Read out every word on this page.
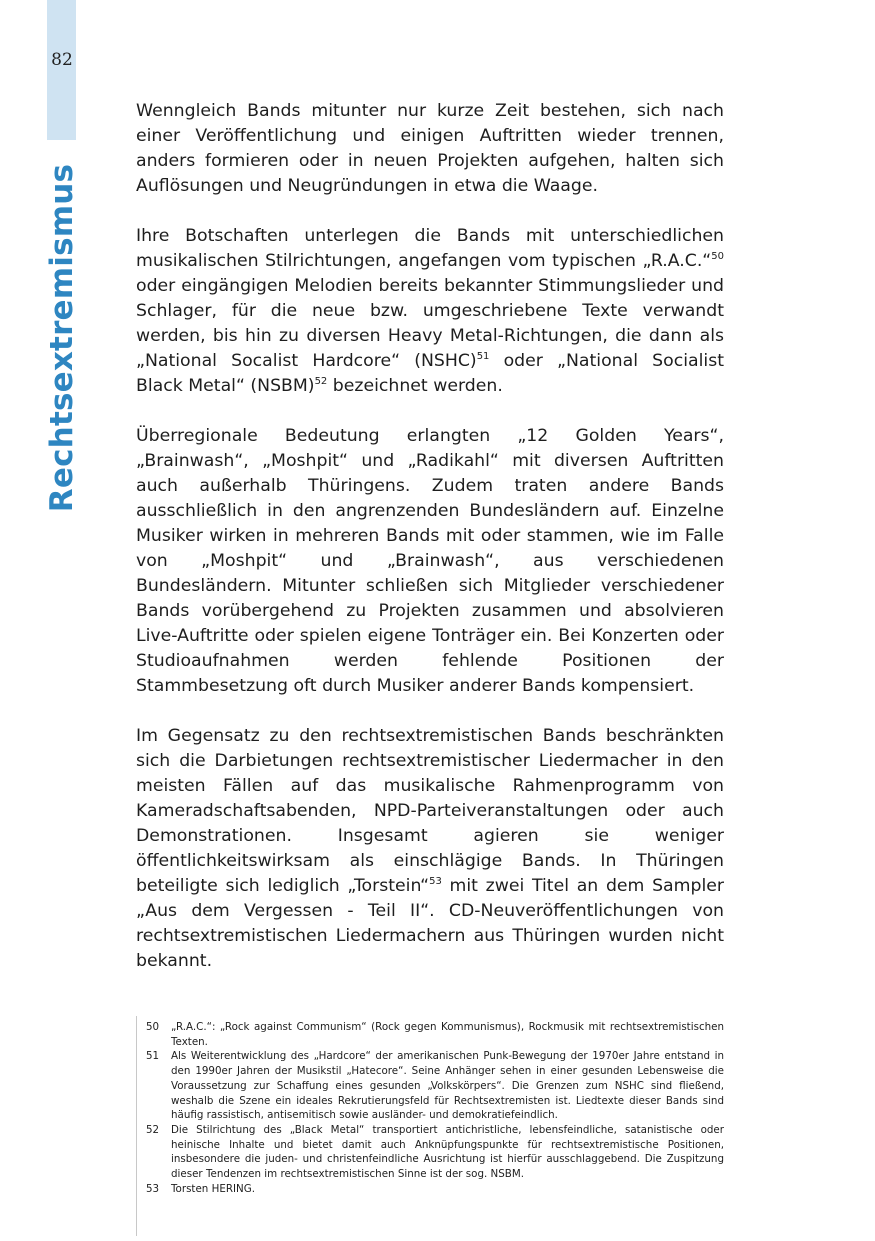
82
Rechtsextremismus

Wenngleich Bands mitunter nur kurze Zeit bestehen, sich nach einer Veröffentlichung und einigen Auftritten wieder trennen, anders formieren oder in neuen Projekten aufgehen, halten sich Auflösungen und Neugründungen in etwa die Waage.

Ihre Botschaften unterlegen die Bands mit unterschiedlichen musikalischen Stilrichtungen, angefangen vom typischen „R.A.C.“$^{50}$ oder eingängigen Melodien bereits bekannter Stimmungslieder und Schlager, für die neue bzw. umgeschriebene Texte verwandt werden, bis hin zu diversen Heavy Metal-Richtungen, die dann als „National Socalist Hardcore“ (NSHC)$^{51}$ oder „National Socialist Black Metal“ (NSBM)$^{52}$ bezeichnet werden.

Überregionale Bedeutung erlangten „12 Golden Years“, „Brainwash“, „Moshpit“ und „Radikahl“ mit diversen Auftritten auch außerhalb Thüringens. Zudem traten andere Bands ausschließlich in den angrenzenden Bundesländern auf. Einzelne Musiker wirken in mehreren Bands mit oder stammen, wie im Falle von „Moshpit“ und „Brainwash“, aus verschiedenen Bundesländern. Mitunter schließen sich Mitglieder verschiedener Bands vorübergehend zu Projekten zusammen und absolvieren Live-Auftritte oder spielen eigene Tonträger ein. Bei Konzerten oder Studioaufnahmen werden fehlende Positionen der Stammbesetzung oft durch Musiker anderer Bands kompensiert.

Im Gegensatz zu den rechtsextremistischen Bands beschränkten sich die Darbietungen rechtsextremistischer Liedermacher in den meisten Fällen auf das musikalische Rahmenprogramm von Kameradschaftsabenden, NPD-Parteiveranstaltungen oder auch Demonstrationen. Insgesamt agieren sie weniger öffentlichkeitswirksam als einschlägige Bands. In Thüringen beteiligte sich lediglich „Torstein“$^{53}$ mit zwei Titel an dem Sampler „Aus dem Vergessen - Teil II“. CD-Neuveröffentlichungen von rechtsextremistischen Liedermachern aus Thüringen wurden nicht bekannt.

50	„R.A.C.“: „Rock against Communism“ (Rock gegen Kommunismus), Rockmusik mit rechtsextremistischen Texten.
51	Als Weiterentwicklung des „Hardcore“ der amerikanischen Punk-Bewegung der 1970er Jahre entstand in den 1990er Jahren der Musikstil „Hatecore“. Seine Anhänger sehen in einer gesunden Lebensweise die Voraussetzung zur Schaffung eines gesunden „Volkskörpers“. Die Grenzen zum NSHC sind fließend, weshalb die Szene ein ideales Rekrutierungsfeld für Rechtsextremisten ist. Liedtexte dieser Bands sind häufig rassistisch, antisemitisch sowie ausländer- und demokratiefeindlich.
52	Die Stilrichtung des „Black Metal“ transportiert antichristliche, lebensfeindliche, satanistische oder heinische Inhalte und bietet damit auch Anknüpfungspunkte für rechtsextremistische Positionen, insbesondere die juden- und christenfeindliche Ausrichtung ist hierfür ausschlaggebend. Die Zuspitzung dieser Tendenzen im rechtsextremistischen Sinne ist der sog. NSBM.
53	Torsten HERING.
